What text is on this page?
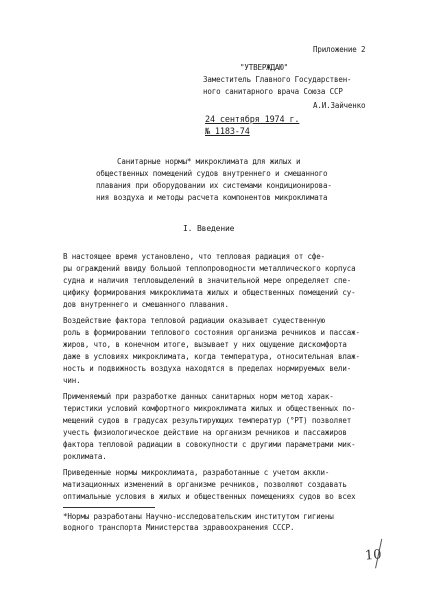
Приложение 2
"УТВЕРЖДАЮ"
Заместитель Главного Государствен-
ного санитарного врача Союза ССР
А.И.Зайченко
24 сентября 1974 г.
№ 1183-74
Санитарные нормы* микроклимата для жилых и
общественных помещений судов внутреннего и смешанного
плавания при оборудовании их системами кондиционирова-
ния воздуха и методы расчета компонентов микроклимата
I. Введение
В настоящее время установлено, что тепловая радиация от сфе-
ры ограждений ввиду большой теплопроводности металлического корпуса
судна и наличия тепловыделений в значительной мере определяет спе-
цифику формирования микроклимата жилых и общественных помещений су-
дов внутреннего и смешанного плавания.
Воздействие фактора тепловой радиации оказывает существенную
роль в формировании теплового состояния организма речников и пассаж-
жиров, что, в конечном итоге, вызывает у них ощущение дискомфорта
даже в условиях микроклимата, когда температура, относительная влаж-
ность и подвижность воздуха находятся в пределах нормируемых вели-
чин.
Применяемый при разработке данных санитарных норм метод харак-
теристики условий комфортного микроклимата жилых и общественных по-
мещений судов в градусах результирующих температур (°РТ) позволяет
учесть физиологическое действие на организм речников и пассажиров
фактора тепловой радиации в совокупности с другими параметрами мик-
роклимата.
Приведенные нормы микроклимата, разработанные с учетом аккли-
матизационных изменений в организме речников, позволяют создавать
оптимальные условия в жилых и общественных помещениях судов во всех
*Нормы разработаны Научно-исследовательским институтом гигиены
водного транспорта Министерства здравоохранения СССР.
10
